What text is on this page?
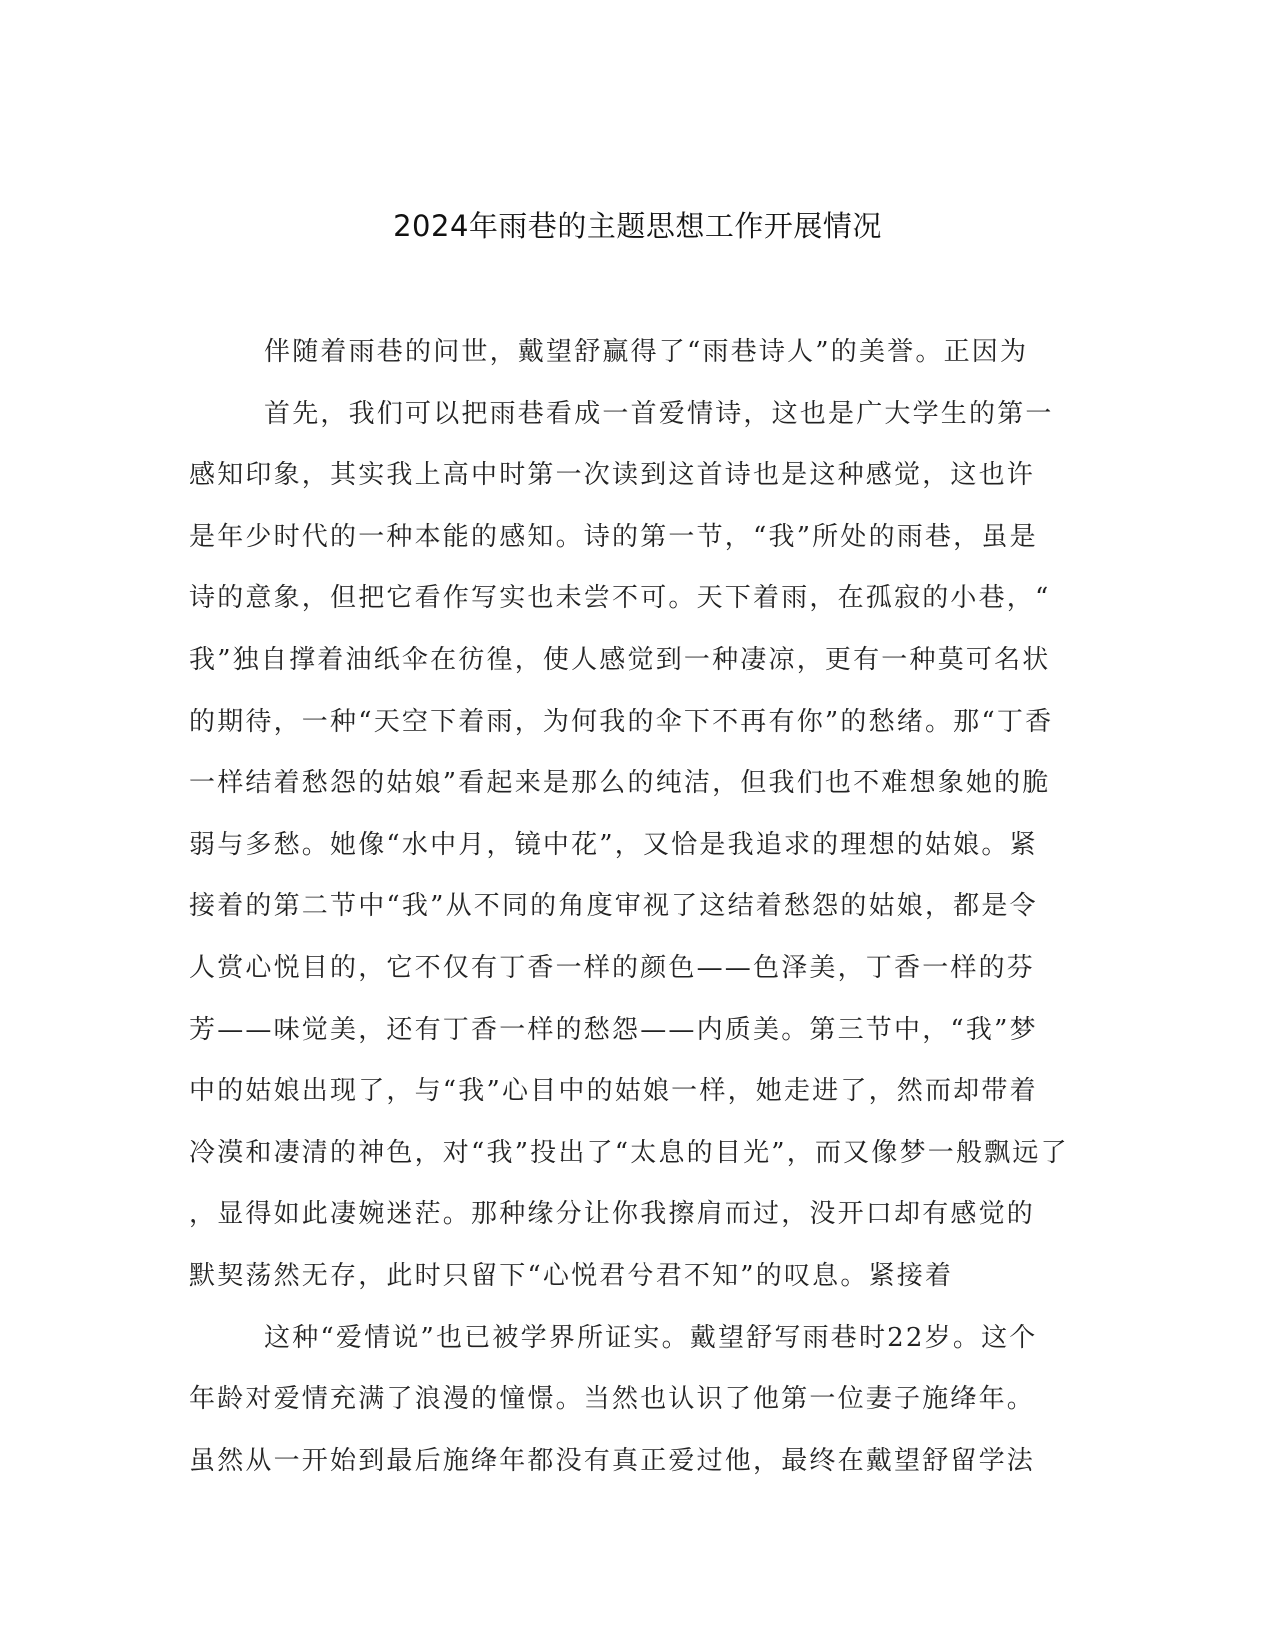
2024年雨巷的主题思想工作开展情况
伴随着雨巷的问世，戴望舒赢得了“雨巷诗人”的美誉。正因为
首先，我们可以把雨巷看成一首爱情诗，这也是广大学生的第一
感知印象，其实我上高中时第一次读到这首诗也是这种感觉，这也许
是年少时代的一种本能的感知。诗的第一节，“我”所处的雨巷，虽是
诗的意象，但把它看作写实也未尝不可。天下着雨，在孤寂的小巷，“
我”独自撑着油纸伞在彷徨，使人感觉到一种凄凉，更有一种莫可名状
的期待，一种“天空下着雨，为何我的伞下不再有你”的愁绪。那“丁香
一样结着愁怨的姑娘”看起来是那么的纯洁，但我们也不难想象她的脆
弱与多愁。她像“水中月，镜中花”，又恰是我追求的理想的姑娘。紧
接着的第二节中“我”从不同的角度审视了这结着愁怨的姑娘，都是令
人赏心悦目的，它不仅有丁香一样的颜色——色泽美，丁香一样的芬
芳——味觉美，还有丁香一样的愁怨——内质美。第三节中，“我”梦
中的姑娘出现了，与“我”心目中的姑娘一样，她走进了，然而却带着
冷漠和凄清的神色，对“我”投出了“太息的目光”，而又像梦一般飘远了
，显得如此凄婉迷茫。那种缘分让你我擦肩而过，没开口却有感觉的
默契荡然无存，此时只留下“心悦君兮君不知”的叹息。紧接着
这种“爱情说”也已被学界所证实。戴望舒写雨巷时22岁。这个
年龄对爱情充满了浪漫的憧憬。当然也认识了他第一位妻子施绛年。
虽然从一开始到最后施绛年都没有真正爱过他，最终在戴望舒留学法
